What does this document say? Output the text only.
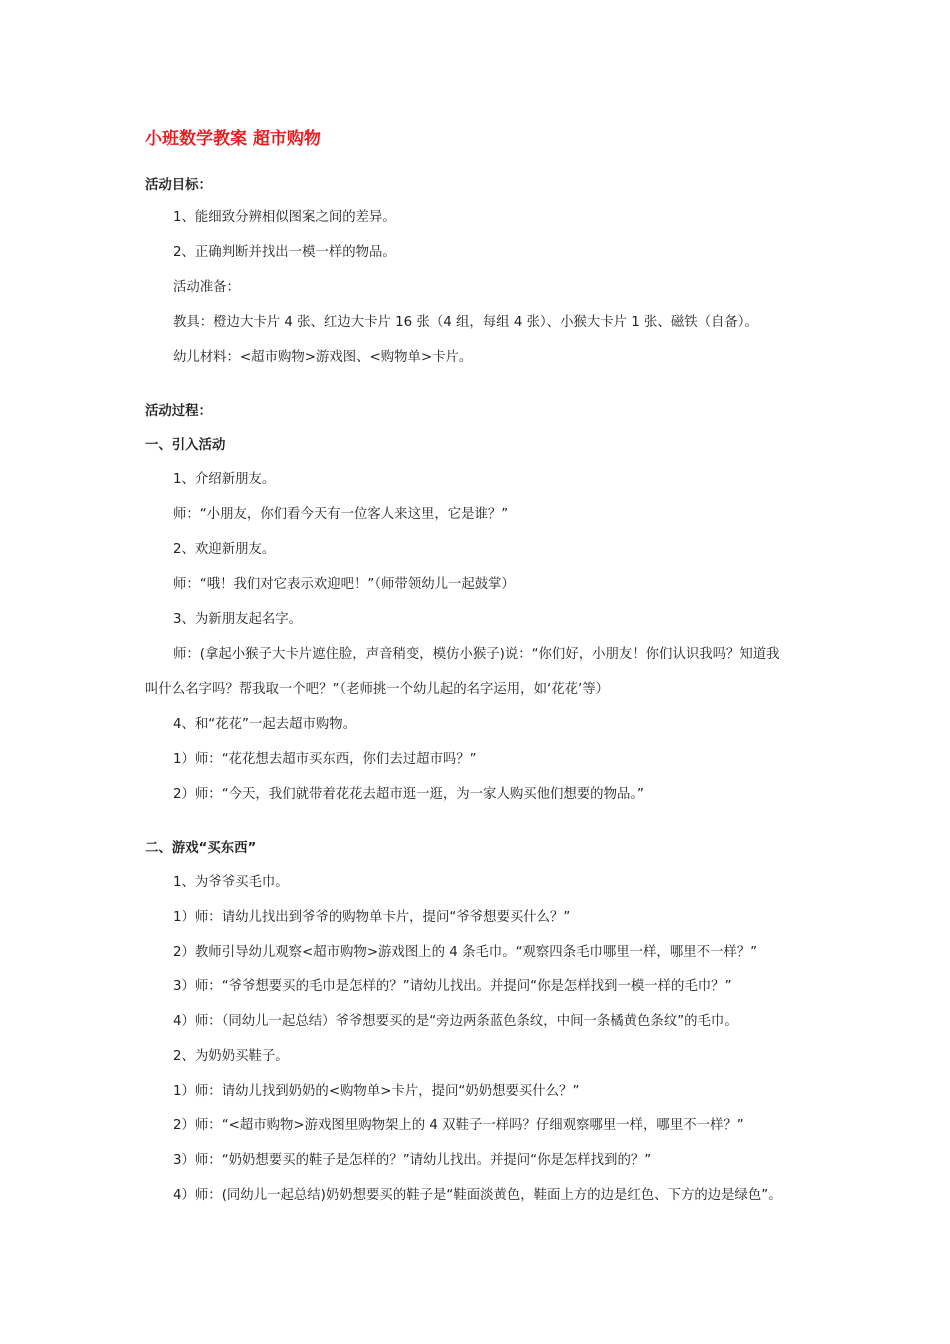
小班数学教案 超市购物
活动目标：
1、能细致分辨相似图案之间的差异。
2、正确判断并找出一模一样的物品。
活动准备：
教具：橙边大卡片 4 张、红边大卡片 16 张（4 组，每组 4 张）、小猴大卡片 1 张、磁铁（自备）。
幼儿材料：<超市购物>游戏图、<购物单>卡片。
活动过程：
一、引入活动
1、介绍新朋友。
师：“小朋友，你们看今天有一位客人来这里，它是谁？”
2、欢迎新朋友。
师：“哦！我们对它表示欢迎吧！”（师带领幼儿一起鼓掌）
3、为新朋友起名字。
师：(拿起小猴子大卡片遮住脸，声音稍变，模仿小猴子)说：“你们好，小朋友！你们认识我吗？知道我
叫什么名字吗？帮我取一个吧？”（老师挑一个幼儿起的名字运用，如‘花花’等）
4、和“花花”一起去超市购物。
1）师：“花花想去超市买东西，你们去过超市吗？”
2）师：“今天，我们就带着花花去超市逛一逛，为一家人购买他们想要的物品。”
二、游戏“买东西”
1、为爷爷买毛巾。
1）师：请幼儿找出到爷爷的购物单卡片，提问“爷爷想要买什么？”
2）教师引导幼儿观察<超市购物>游戏图上的 4 条毛巾。“观察四条毛巾哪里一样，哪里不一样？”
3）师：“爷爷想要买的毛巾是怎样的？”请幼儿找出。并提问“你是怎样找到一模一样的毛巾？”
4）师：（同幼儿一起总结）爷爷想要买的是“旁边两条蓝色条纹，中间一条橘黄色条纹”的毛巾。
2、为奶奶买鞋子。
1）师：请幼儿找到奶奶的<购物单>卡片，提问“奶奶想要买什么？”
2）师：“<超市购物>游戏图里购物架上的 4 双鞋子一样吗？仔细观察哪里一样，哪里不一样？”
3）师：“奶奶想要买的鞋子是怎样的？”请幼儿找出。并提问“你是怎样找到的？”
4）师：(同幼儿一起总结)奶奶想要买的鞋子是“鞋面淡黄色，鞋面上方的边是红色、下方的边是绿色”。
